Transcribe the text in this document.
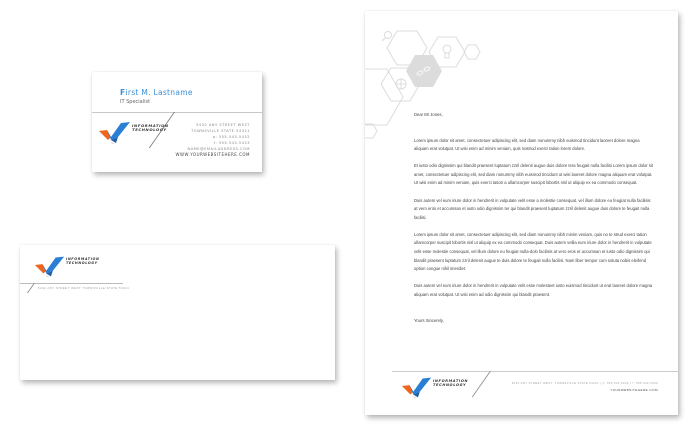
First M. Lastname
IT Specialist
INFORMATION
TECHNOLOGY
5432 ANY STREET WEST
TOWNSVILLE STATE 54321
p: 555.543.5432
f: 555.543.5433
NAME@EMAILADDRESS.COM
WWW.YOURWEBSITEHERE.COM
INFORMATION
TECHNOLOGY
5432 ANY STREET WEST TOWNSVILLE STATE 54321

Dear Mr Jones,

Lorem ipsum dolor sit amet, consectetuer adipiscing elit, sed diam nonummy nibh euismod tincidunt laoreet dolore magna aliquam erat volutpat. Ut wisi enim ad minim veniam, quis nostrud exerci tation lorem dolore.

Et iusto odio dignissim qui blandit praesent luptatum zzril delenit augue duis dolore tera feugait nulla facilisi Lorem ipsum dolor sit amet, consectetuer adipiscing elit, sed diam nonummy nibh euismod tincidunt ut wisi laoreet dolore magna aliquam erat volutpat. Ut wisi enim ad minim veniam, quis exerci tation a ullamcorper suscipit lobortis nisl ut aliquip ex ea commodo consequat.

Duis autem vel eum iriure dolor in hendrerit in vulputate velit esse a molestie consequat, vel illum dolore eu feugiat nulla facilisis at vero eros et accumsan et iusto odio dignissim ter qui blandit praesent luptatum zzril delenit augue duis dolore te feugait nulla facilisi.

Lorem ipsum dolor sit amet, consectetuer adipiscing elit, sed diam nonummy nibh minim veniam, quis no te strud exerci tation ullamcorper suscipit lobortis nisl ut aliquip ex ea commodo consequat. Duis autem vellia eum iriure dolor in hendrerit in vulputate velit esse molestie consequat, vel illum dolore eu feugiat nulla-dolo facilisis at vero eros et accumsan et iusto odio dignissim qui blandit praesent luptatum zzril delenit augue te duis dolore te feugait nulla facilisi. Nam liber tempor cum soluta nobis eleifend option congue nihil imerdiet.

Duis autem vel eum iriure dolor in hendrerit in vulputate velit esse molesteet iusto euismod tincidunt ut erat laoreet dolore magna aliquam erat volutpat. Ut wisi enim ad odio dignissim qui blandit praesent.

Yours Sincerely,

INFORMATION
TECHNOLOGY	5432 ANY STREET WEST, TOWNSVILLE STATE 54321 | p: 555.543.5432 | f: 555.543.5433
YOURWEBSITEHERE.COM
